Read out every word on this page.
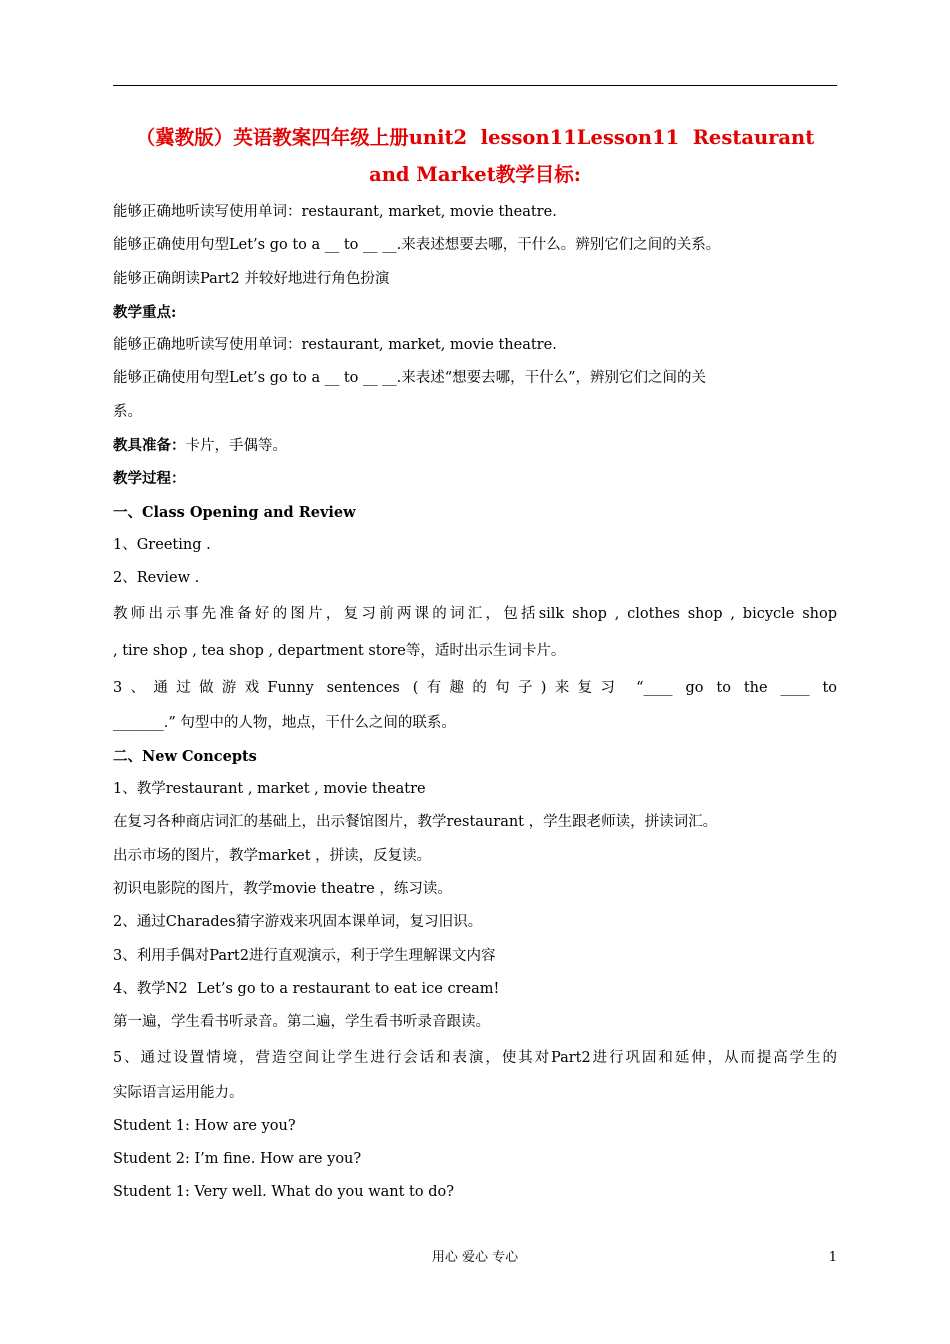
（冀教版）英语教案四年级上册unit2  lesson11Lesson11  Restaurant and Market教学目标:
能够正确地听读写使用单词：restaurant, market, movie theatre.
能够正确使用句型Let’s go to a __ to __ __.来表述想要去哪，干什么。辨别它们之间的关系。
能够正确朗读Part2 并较好地进行角色扮演
教学重点:
能够正确地听读写使用单词：restaurant, market, movie theatre.
能够正确使用句型Let’s go to a __ to __ __.来表述“想要去哪，干什么”，辨别它们之间的关
系。
教具准备：卡片，手偶等。
教学过程：
一、Class Opening and Review
1、Greeting .
2、Review .
教师出示事先准备好的图片，复习前两课的词汇，包括silk shop , clothes shop , bicycle shop
, tire shop , tea shop , department store等，适时出示生词卡片。
3、通过做游戏Funny sentences (有趣的句子)来复习 “____ go to the ____ to
_______.” 句型中的人物，地点，干什么之间的联系。
二、New Concepts
1、教学restaurant , market , movie theatre
在复习各种商店词汇的基础上，出示餐馆图片，教学restaurant ，学生跟老师读，拼读词汇。
出示市场的图片，教学market ，拼读，反复读。
初识电影院的图片，教学movie theatre ，练习读。
2、通过Charades猜字游戏来巩固本课单词，复习旧识。
3、利用手偶对Part2进行直观演示，利于学生理解课文内容
4、教学N2  Let’s go to a restaurant to eat ice cream!
第一遍，学生看书听录音。第二遍，学生看书听录音跟读。
5、通过设置情境，营造空间让学生进行会话和表演，使其对Part2进行巩固和延伸，从而提高学生的
实际语言运用能力。
Student 1: How are you?
Student 2: I’m fine. How are you?
Student 1: Very well. What do you want to do?
用心 爱心 专心	1
